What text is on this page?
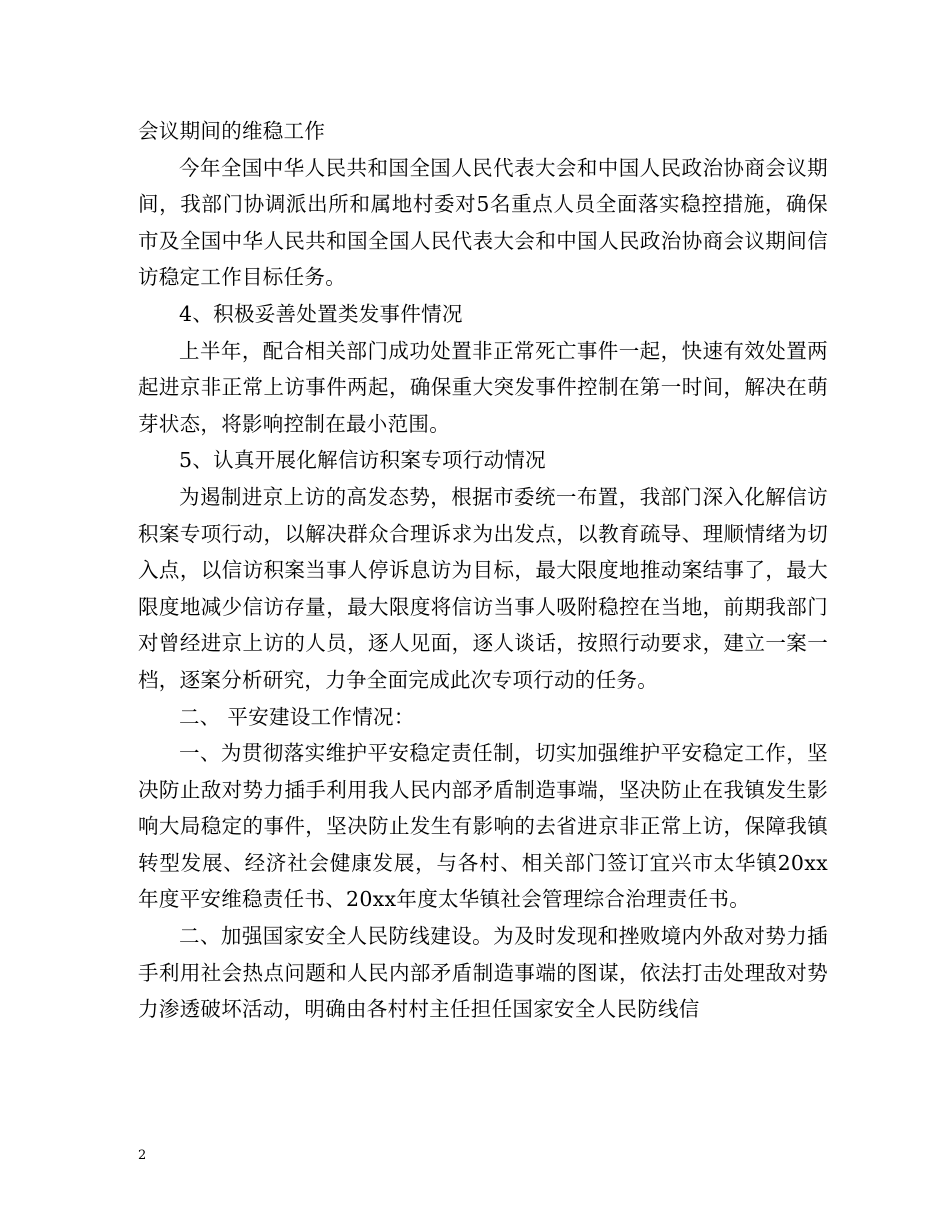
会议期间的维稳工作

今年全国中华人民共和国全国人民代表大会和中国人民政治协商会议期间，我部门协调派出所和属地村委对5名重点人员全面落实稳控措施，确保市及全国中华人民共和国全国人民代表大会和中国人民政治协商会议期间信访稳定工作目标任务。

4、积极妥善处置类发事件情况

上半年，配合相关部门成功处置非正常死亡事件一起，快速有效处置两起进京非正常上访事件两起，确保重大突发事件控制在第一时间，解决在萌芽状态，将影响控制在最小范围。

5、认真开展化解信访积案专项行动情况

为遏制进京上访的高发态势，根据市委统一布置，我部门深入化解信访积案专项行动，以解决群众合理诉求为出发点，以教育疏导、理顺情绪为切入点，以信访积案当事人停诉息访为目标，最大限度地推动案结事了，最大限度地减少信访存量，最大限度将信访当事人吸附稳控在当地，前期我部门对曾经进京上访的人员，逐人见面，逐人谈话，按照行动要求，建立一案一档，逐案分析研究，力争全面完成此次专项行动的任务。

二、 平安建设工作情况：

一、为贯彻落实维护平安稳定责任制，切实加强维护平安稳定工作，坚决防止敌对势力插手利用我人民内部矛盾制造事端，坚决防止在我镇发生影响大局稳定的事件，坚决防止发生有影响的去省进京非正常上访，保障我镇转型发展、经济社会健康发展，与各村、相关部门签订宜兴市太华镇20xx年度平安维稳责任书、20xx年度太华镇社会管理综合治理责任书。

二、加强国家安全人民防线建设。为及时发现和挫败境内外敌对势力插手利用社会热点问题和人民内部矛盾制造事端的图谋，依法打击处理敌对势力渗透破坏活动，明确由各村村主任担任国家安全人民防线信

2
